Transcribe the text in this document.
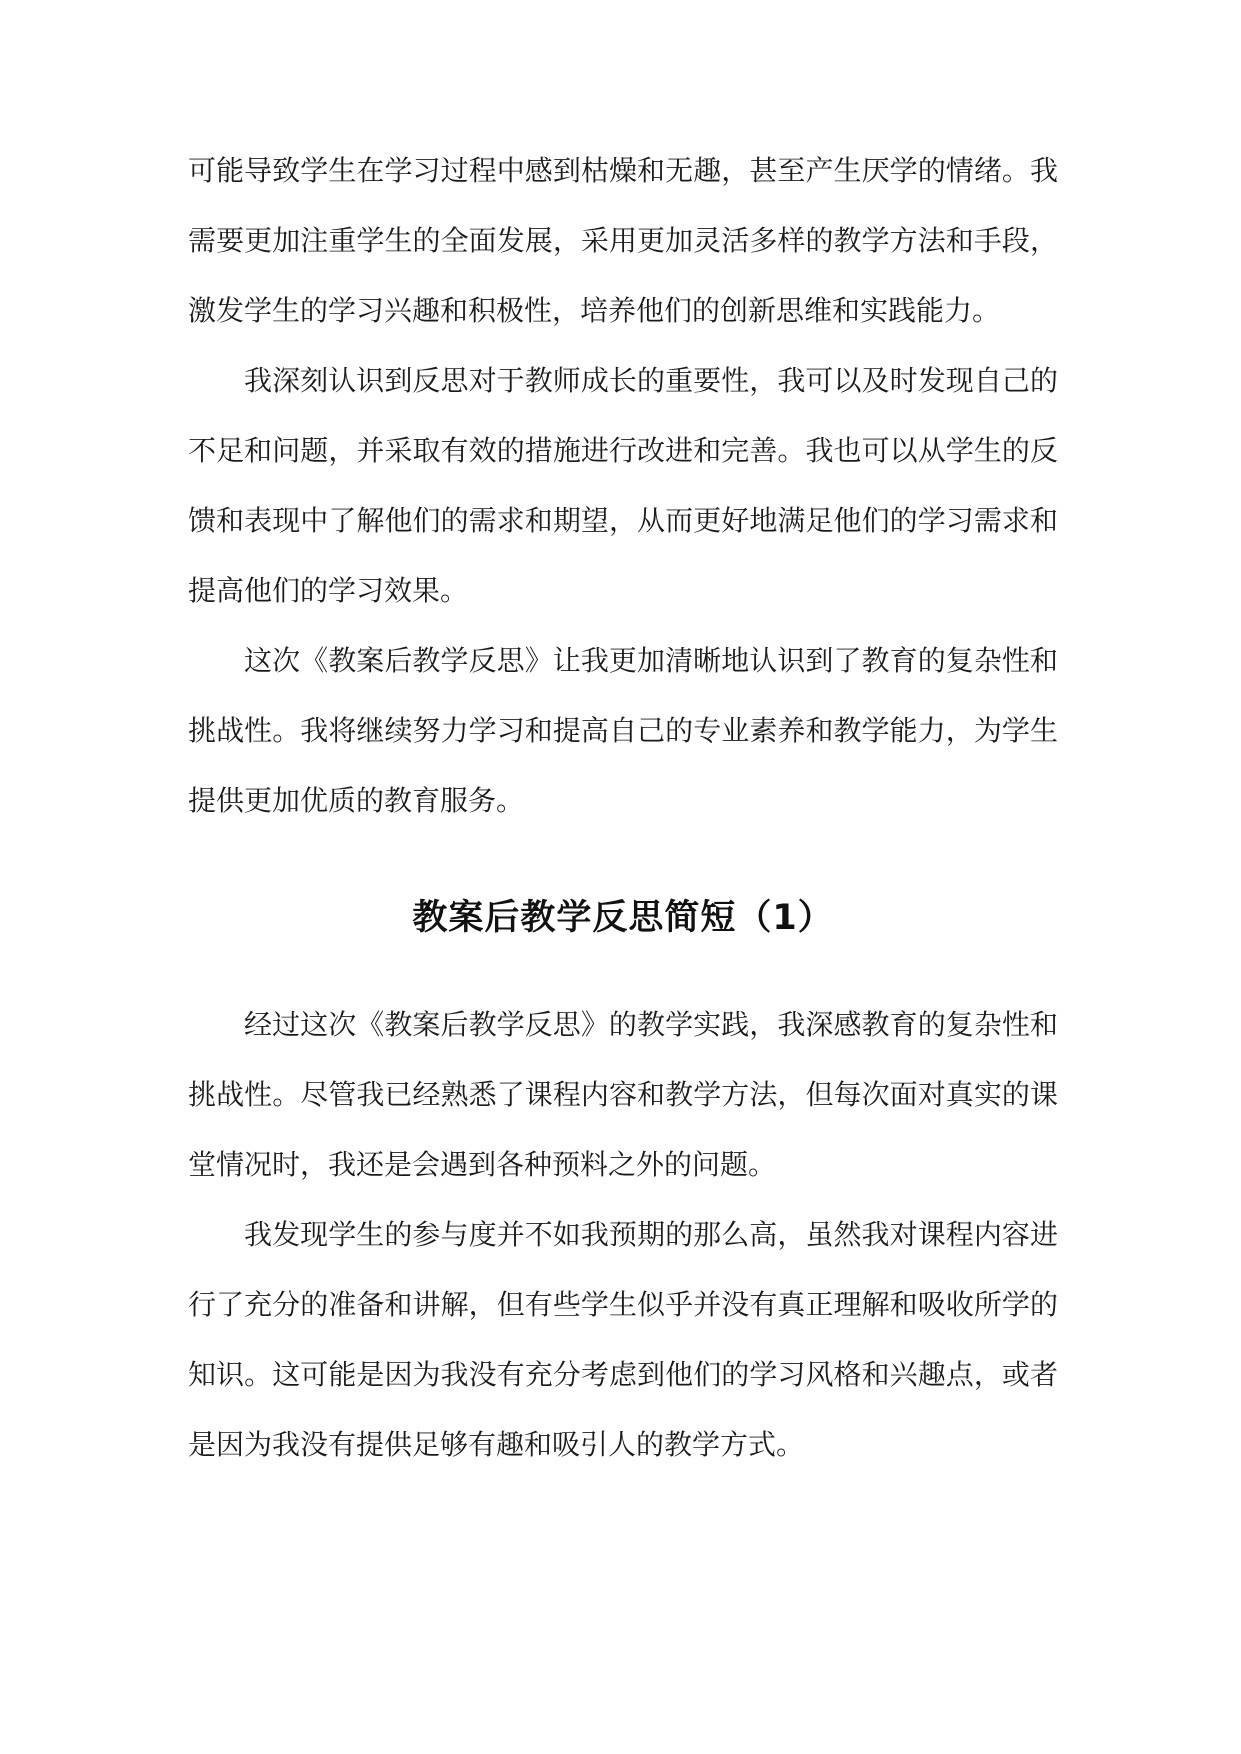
可能导致学生在学习过程中感到枯燥和无趣，甚至产生厌学的情绪。我需要更加注重学生的全面发展，采用更加灵活多样的教学方法和手段，激发学生的学习兴趣和积极性，培养他们的创新思维和实践能力。

我深刻认识到反思对于教师成长的重要性，我可以及时发现自己的不足和问题，并采取有效的措施进行改进和完善。我也可以从学生的反馈和表现中了解他们的需求和期望，从而更好地满足他们的学习需求和提高他们的学习效果。

这次《教案后教学反思》让我更加清晰地认识到了教育的复杂性和挑战性。我将继续努力学习和提高自己的专业素养和教学能力，为学生提供更加优质的教育服务。

教案后教学反思简短（1）

经过这次《教案后教学反思》的教学实践，我深感教育的复杂性和挑战性。尽管我已经熟悉了课程内容和教学方法，但每次面对真实的课堂情况时，我还是会遇到各种预料之外的问题。

我发现学生的参与度并不如我预期的那么高，虽然我对课程内容进行了充分的准备和讲解，但有些学生似乎并没有真正理解和吸收所学的知识。这可能是因为我没有充分考虑到他们的学习风格和兴趣点，或者是因为我没有提供足够有趣和吸引人的教学方式。
